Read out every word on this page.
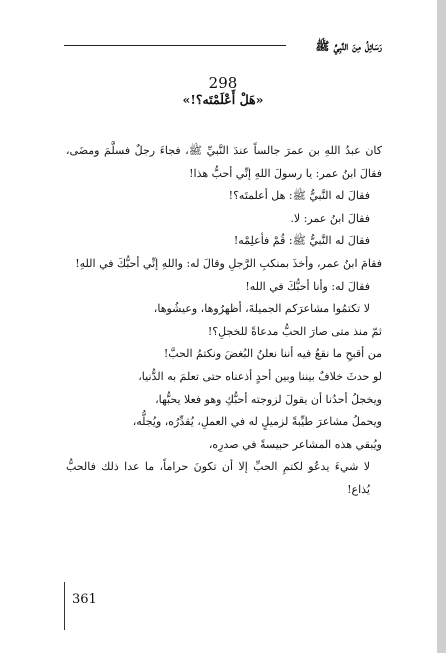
رَسَائِلُ مِنَ النَّبِيِّ ﷺ
298
«هَلْ أَعْلَمْتَه؟!»

كان عبدُ اللهِ بن عمرَ جالساً عندَ النَّبيِّ ﷺ، فجاءَ رجلٌ فسلَّمَ ومضَى، فقالَ ابنُ عمر: يا رسولَ اللهِ إنِّي أحبُّ هذا!

فقالَ له النَّبيُّ ﷺ: هل أعلمتَه؟!

فقالَ ابنُ عمر: لا.

فقالَ له النَّبيُّ ﷺ: قُمْ فأعلِمْه!

فقامَ ابنُ عمر، وأخذَ بمنكبِ الرَّجلِ وقالَ له: واللهِ إنِّي أحبُّكَ في اللهِ!

فقالَ له: وأنا أحبُّكَ في الله!

لا تكتمُوا مشاعرَكم الجميلةَ، أظهرُوها، وعيشُوها،

ثمّ منذ متى صارَ الحبُّ مدعاةً للخجلِ؟!

من أقبحِ ما نقعُ فيه أننا نعلنُ البُغضَ ونكتمُ الحبَّ!

لو حدثَ خلافٌ بيننا وبين أحدٍ أذعناه حتى تعلمَ به الدُّنيا،

ويخجلُ أحدُنا أن يقولَ لزوجته أحبُّكِ وهو فعلا يحبُّها،

ويحملُ مشاعرَ طيِّبةً لزميلٍ له في العملِ، يُقدِّرُه، ويُجلُّه،

ويُبقي هذه المشاعر حبيسةً في صدرِه،

لا شيءَ يدعُو لكتمِ الحبِّ إلا أن تكونَ حراماً، ما عدا ذلك فالحبُّ يُذاع!

361
